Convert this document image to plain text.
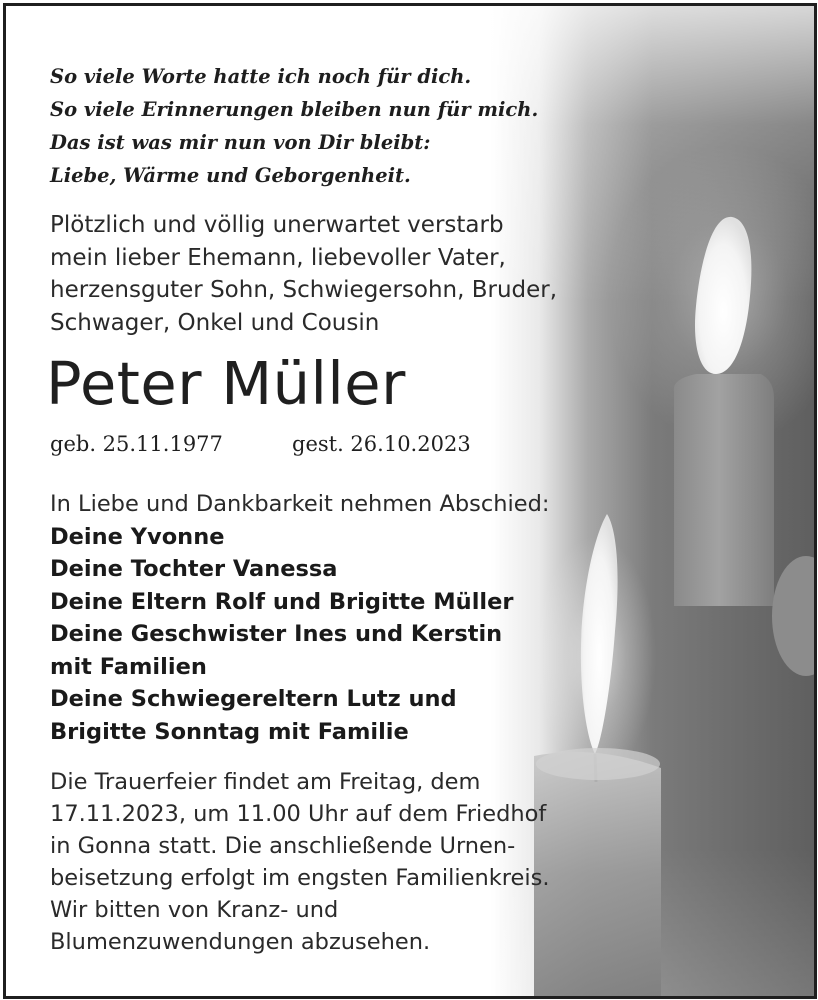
So viele Worte hatte ich noch für dich.
So viele Erinnerungen bleiben nun für mich.
Das ist was mir nun von Dir bleibt:
Liebe, Wärme und Geborgenheit.
Plötzlich und völlig unerwartet verstarb
mein lieber Ehemann, liebevoller Vater,
herzensguter Sohn, Schwiegersohn, Bruder,
Schwager, Onkel und Cousin
Peter Müller
geb. 25.11.1977	gest. 26.10.2023
In Liebe und Dankbarkeit nehmen Abschied:
Deine Yvonne
Deine Tochter Vanessa
Deine Eltern Rolf und Brigitte Müller
Deine Geschwister Ines und Kerstin
mit Familien
Deine Schwiegereltern Lutz und
Brigitte Sonntag mit Familie
Die Trauerfeier findet am Freitag, dem
17.11.2023, um 11.00 Uhr auf dem Friedhof
in Gonna statt. Die anschließende Urnen-
beisetzung erfolgt im engsten Familienkreis.
Wir bitten von Kranz- und
Blumenzuwendungen abzusehen.
